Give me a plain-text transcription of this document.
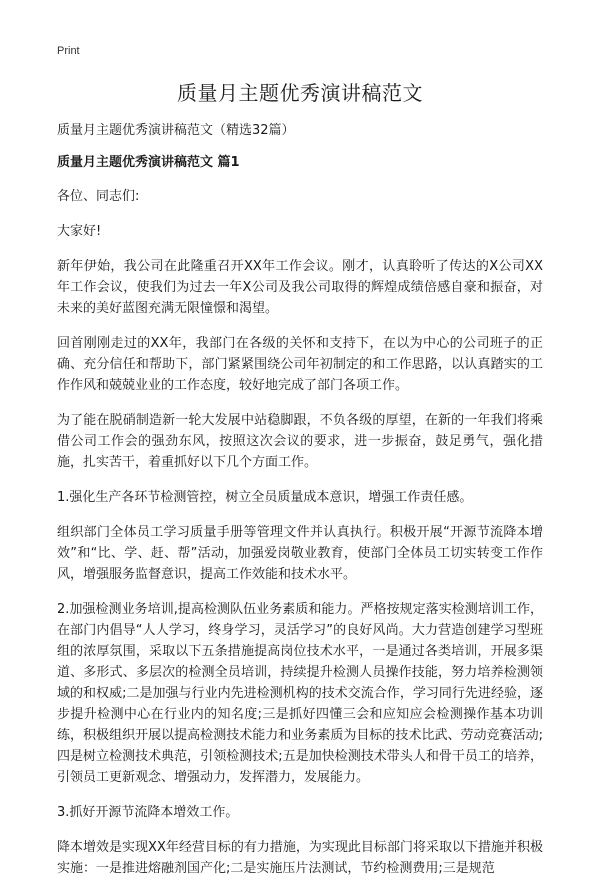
Print
质量月主题优秀演讲稿范文
质量月主题优秀演讲稿范文（精选32篇）
质量月主题优秀演讲稿范文 篇1

各位、同志们:

大家好!

新年伊始，我公司在此隆重召开XX年工作会议。刚才，认真聆听了传达的X公司XX年工作会议，使我们为过去一年X公司及我公司取得的辉煌成绩倍感自豪和振奋，对未来的美好蓝图充满无限憧憬和渴望。

回首刚刚走过的XX年，我部门在各级的关怀和支持下，在以为中心的公司班子的正确、充分信任和帮助下，部门紧紧围绕公司年初制定的和工作思路，以认真踏实的工作作风和兢兢业业的工作态度，较好地完成了部门各项工作。

为了能在脱硝制造新一轮大发展中站稳脚跟，不负各级的厚望，在新的一年我们将乘借公司工作会的强劲东风，按照这次会议的要求，进一步振奋，鼓足勇气，强化措施，扎实苦干，着重抓好以下几个方面工作。

1.强化生产各环节检测管控，树立全员质量成本意识，增强工作责任感。

组织部门全体员工学习质量手册等管理文件并认真执行。积极开展“开源节流降本增效”和“比、学、赶、帮”活动，加强爱岗敬业教育，使部门全体员工切实转变工作作风，增强服务监督意识，提高工作效能和技术水平。

2.加强检测业务培训,提高检测队伍业务素质和能力。严格按规定落实检测培训工作，在部门内倡导“人人学习，终身学习，灵活学习”的良好风尚。大力营造创建学习型班组的浓厚氛围，采取以下五条措施提高岗位技术水平，一是通过各类培训，开展多渠道、多形式、多层次的检测全员培训，持续提升检测人员操作技能，努力培养检测领域的和权威;二是加强与行业内先进检测机构的技术交流合作，学习同行先进经验，逐步提升检测中心在行业内的知名度;三是抓好四懂三会和应知应会检测操作基本功训练，积极组织开展以提高检测技术能力和业务素质为目标的技术比武、劳动竞赛活动;四是树立检测技术典范，引领检测技术;五是加快检测技术带头人和骨干员工的培养，引领员工更新观念、增强动力，发挥潜力，发展能力。

3.抓好开源节流降本增效工作。

降本增效是实现XX年经营目标的有力措施，为实现此目标部门将采取以下措施并积极实施：一是推进熔融剂国产化;二是实施压片法测试，节约检测费用;三是规范
